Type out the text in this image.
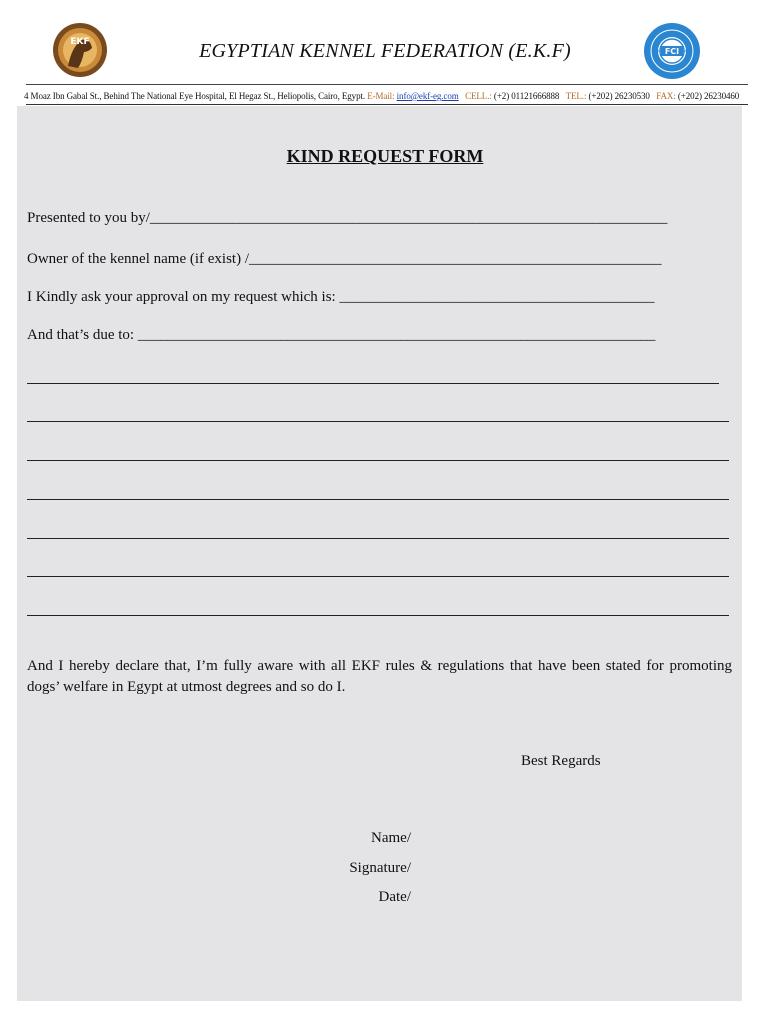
EKF	EGYPTIAN KENNEL FEDERATION (E.K.F)	FCI
4 Moaz Ibn Gabal St., Behind The National Eye Hospital, El Hegaz St., Heliopolis, Cairo, Egypt. E-Mail: info@ekf-eg.com CELL.: (+2) 01121666888 TEL.: (+202) 26230530 FAX: (+202) 26230460
KIND REQUEST FORM
Presented to you by/_____________________________________________________________________
Owner of the kennel name (if exist) /_______________________________________________________
I Kindly ask your approval on my request which is: __________________________________________
And that’s due to: _____________________________________________________________________
And I hereby declare that, I’m fully aware with all EKF rules & regulations that have been stated for promoting dogs’ welfare in Egypt at utmost degrees and so do I.
Best Regards
Name/
Signature/
Date/
